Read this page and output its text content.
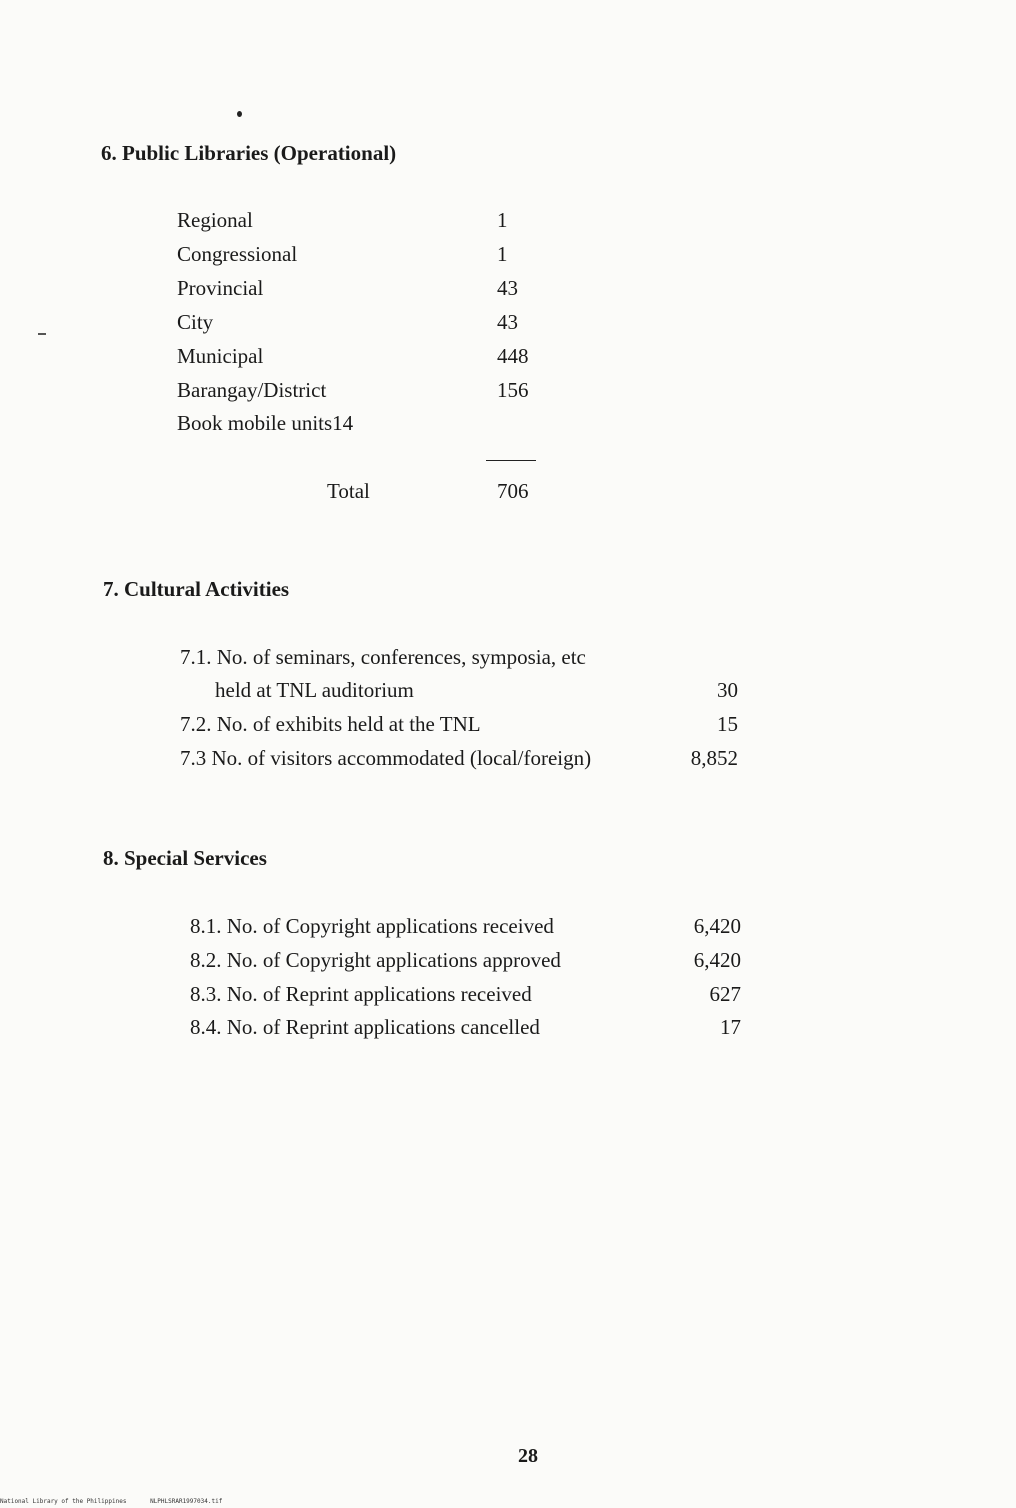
6. Public Libraries (Operational)
Regional	1
Congressional	1
Provincial	43
City	43
Municipal	448
Barangay/District	156
Book mobile units14
Total	706
7. Cultural Activities
7.1. No. of seminars, conferences, symposia, etc
held at TNL auditorium	30
7.2. No. of exhibits held at the TNL	15
7.3 No. of visitors accommodated (local/foreign)	8,852
8. Special Services
8.1. No. of Copyright applications received	6,420
8.2. No. of Copyright applications approved	6,420
8.3. No. of Reprint applications received	627
8.4. No. of Reprint applications cancelled	17
28
National Library of the Philippines	NLPHLSRAR1997034.tif
